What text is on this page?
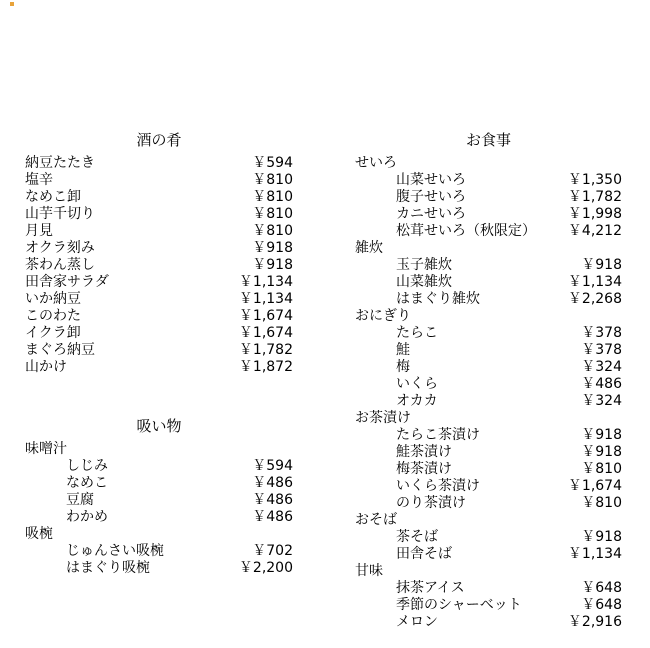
酒の肴
納豆たたき	￥594
塩辛	￥810
なめこ卸	￥810
山芋千切り	￥810
月見	￥810
オクラ刻み	￥918
茶わん蒸し	￥918
田舎家サラダ	￥1,134
いか納豆	￥1,134
このわた	￥1,674
イクラ卸	￥1,674
まぐろ納豆	￥1,782
山かけ	￥1,872
吸い物
味噌汁
しじみ	￥594
なめこ	￥486
豆腐	￥486
わかめ	￥486
吸椀
じゅんさい吸椀	￥702
はまぐり吸椀	￥2,200
お食事
せいろ
山菜せいろ	￥1,350
腹子せいろ	￥1,782
カニせいろ	￥1,998
松茸せいろ（秋限定） ￥4,212
雑炊
玉子雑炊	￥918
山菜雑炊	￥1,134
はまぐり雑炊	￥2,268
おにぎり
たらこ	￥378
鮭	￥378
梅	￥324
いくら	￥486
オカカ	￥324
お茶漬け
たらこ茶漬け	￥918
鮭茶漬け	￥918
梅茶漬け	￥810
いくら茶漬け	￥1,674
のり茶漬け	￥810
おそば
茶そば	￥918
田舎そば	￥1,134
甘味
抹茶アイス	￥648
季節のシャーベット	￥648
メロン	￥2,916
